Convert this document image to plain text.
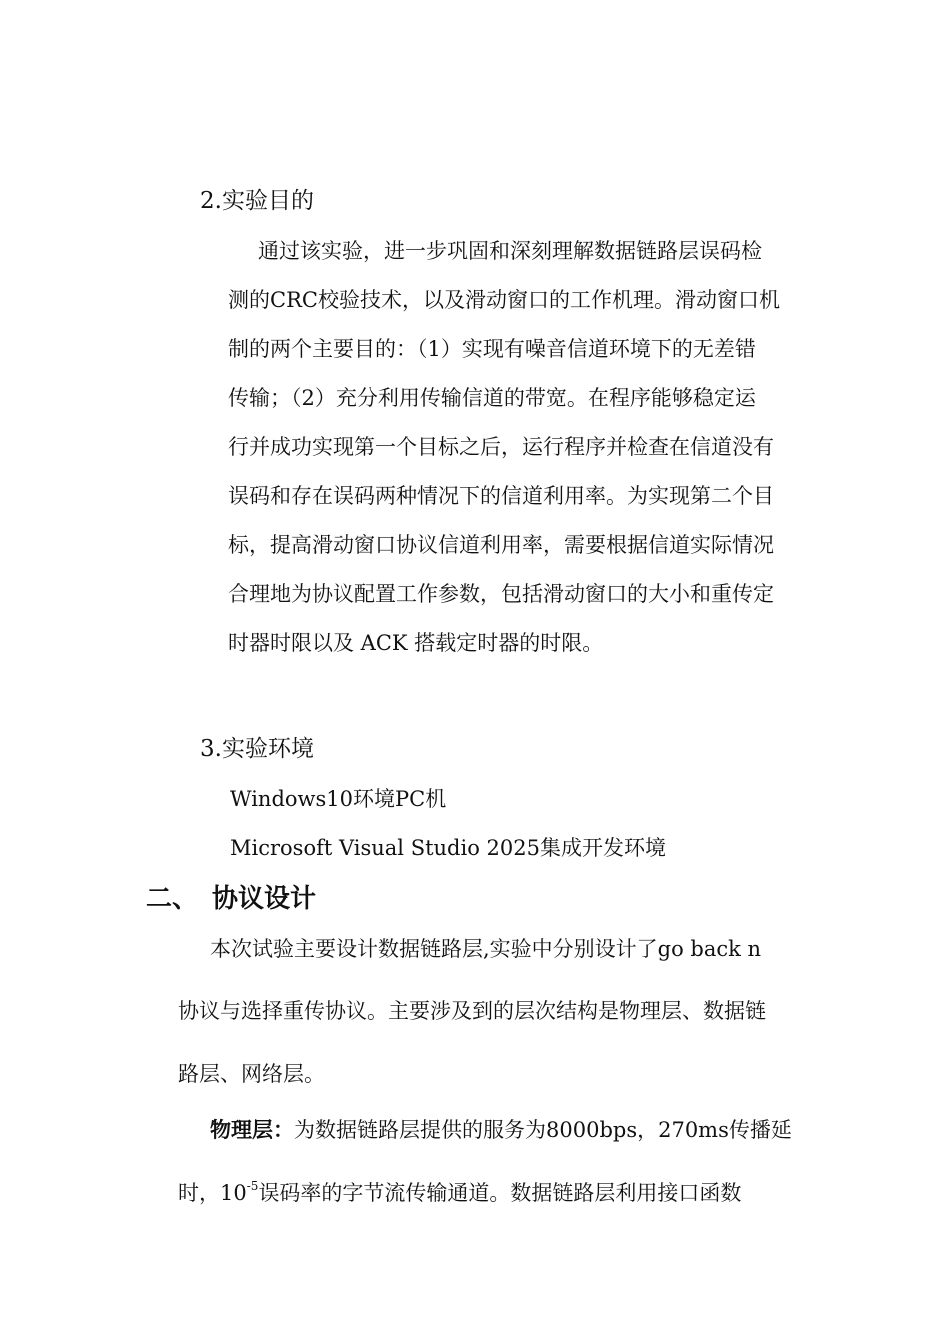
2.实验目的
通过该实验，进一步巩固和深刻理解数据链路层误码检
测的CRC校验技术，以及滑动窗口的工作机理。滑动窗口机
制的两个主要目的：（1）实现有噪音信道环境下的无差错
传输；（2）充分利用传输信道的带宽。在程序能够稳定运
行并成功实现第一个目标之后，运行程序并检查在信道没有
误码和存在误码两种情况下的信道利用率。为实现第二个目
标，提高滑动窗口协议信道利用率，需要根据信道实际情况
合理地为协议配置工作参数，包括滑动窗口的大小和重传定
时器时限以及 ACK 搭载定时器的时限。
3.实验环境
Windows10环境PC机
Microsoft Visual Studio 2025集成开发环境
二、 协议设计
本次试验主要设计数据链路层,实验中分别设计了go back n
协议与选择重传协议。主要涉及到的层次结构是物理层、数据链
路层、网络层。
物理层：为数据链路层提供的服务为8000bps，270ms传播延
时，$10^{-5}$误码率的字节流传输通道。数据链路层利用接口函数
